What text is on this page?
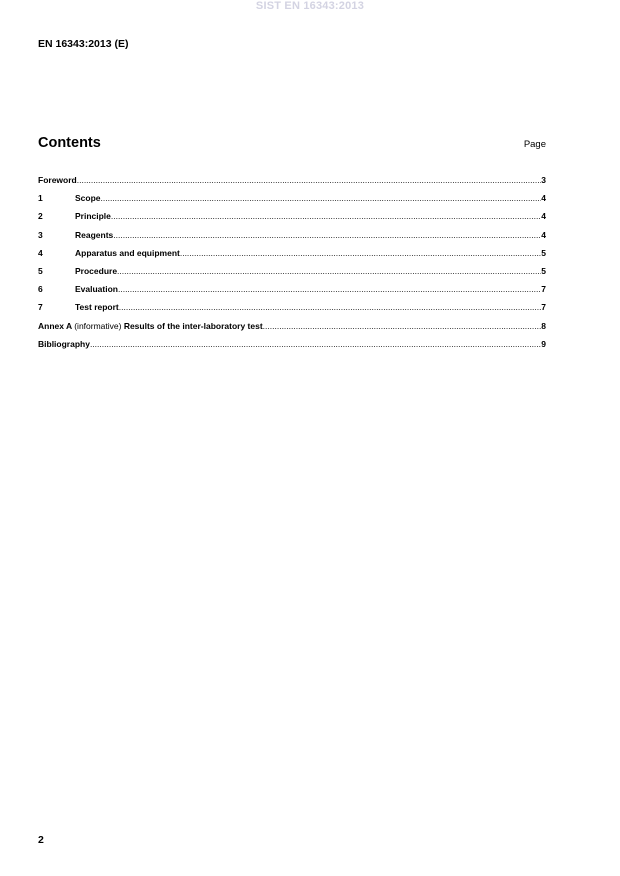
SIST EN 16343:2013
EN 16343:2013 (E)
Contents	Page
Foreword .....	3
1	Scope .....	4
2	Principle .....	4
3	Reagents .....	4
4	Apparatus and equipment .....	5
5	Procedure .....	5
6	Evaluation .....	7
7	Test report .....	7
Annex A (informative) Results of the inter-laboratory test .....	8
Bibliography .....	9
2
